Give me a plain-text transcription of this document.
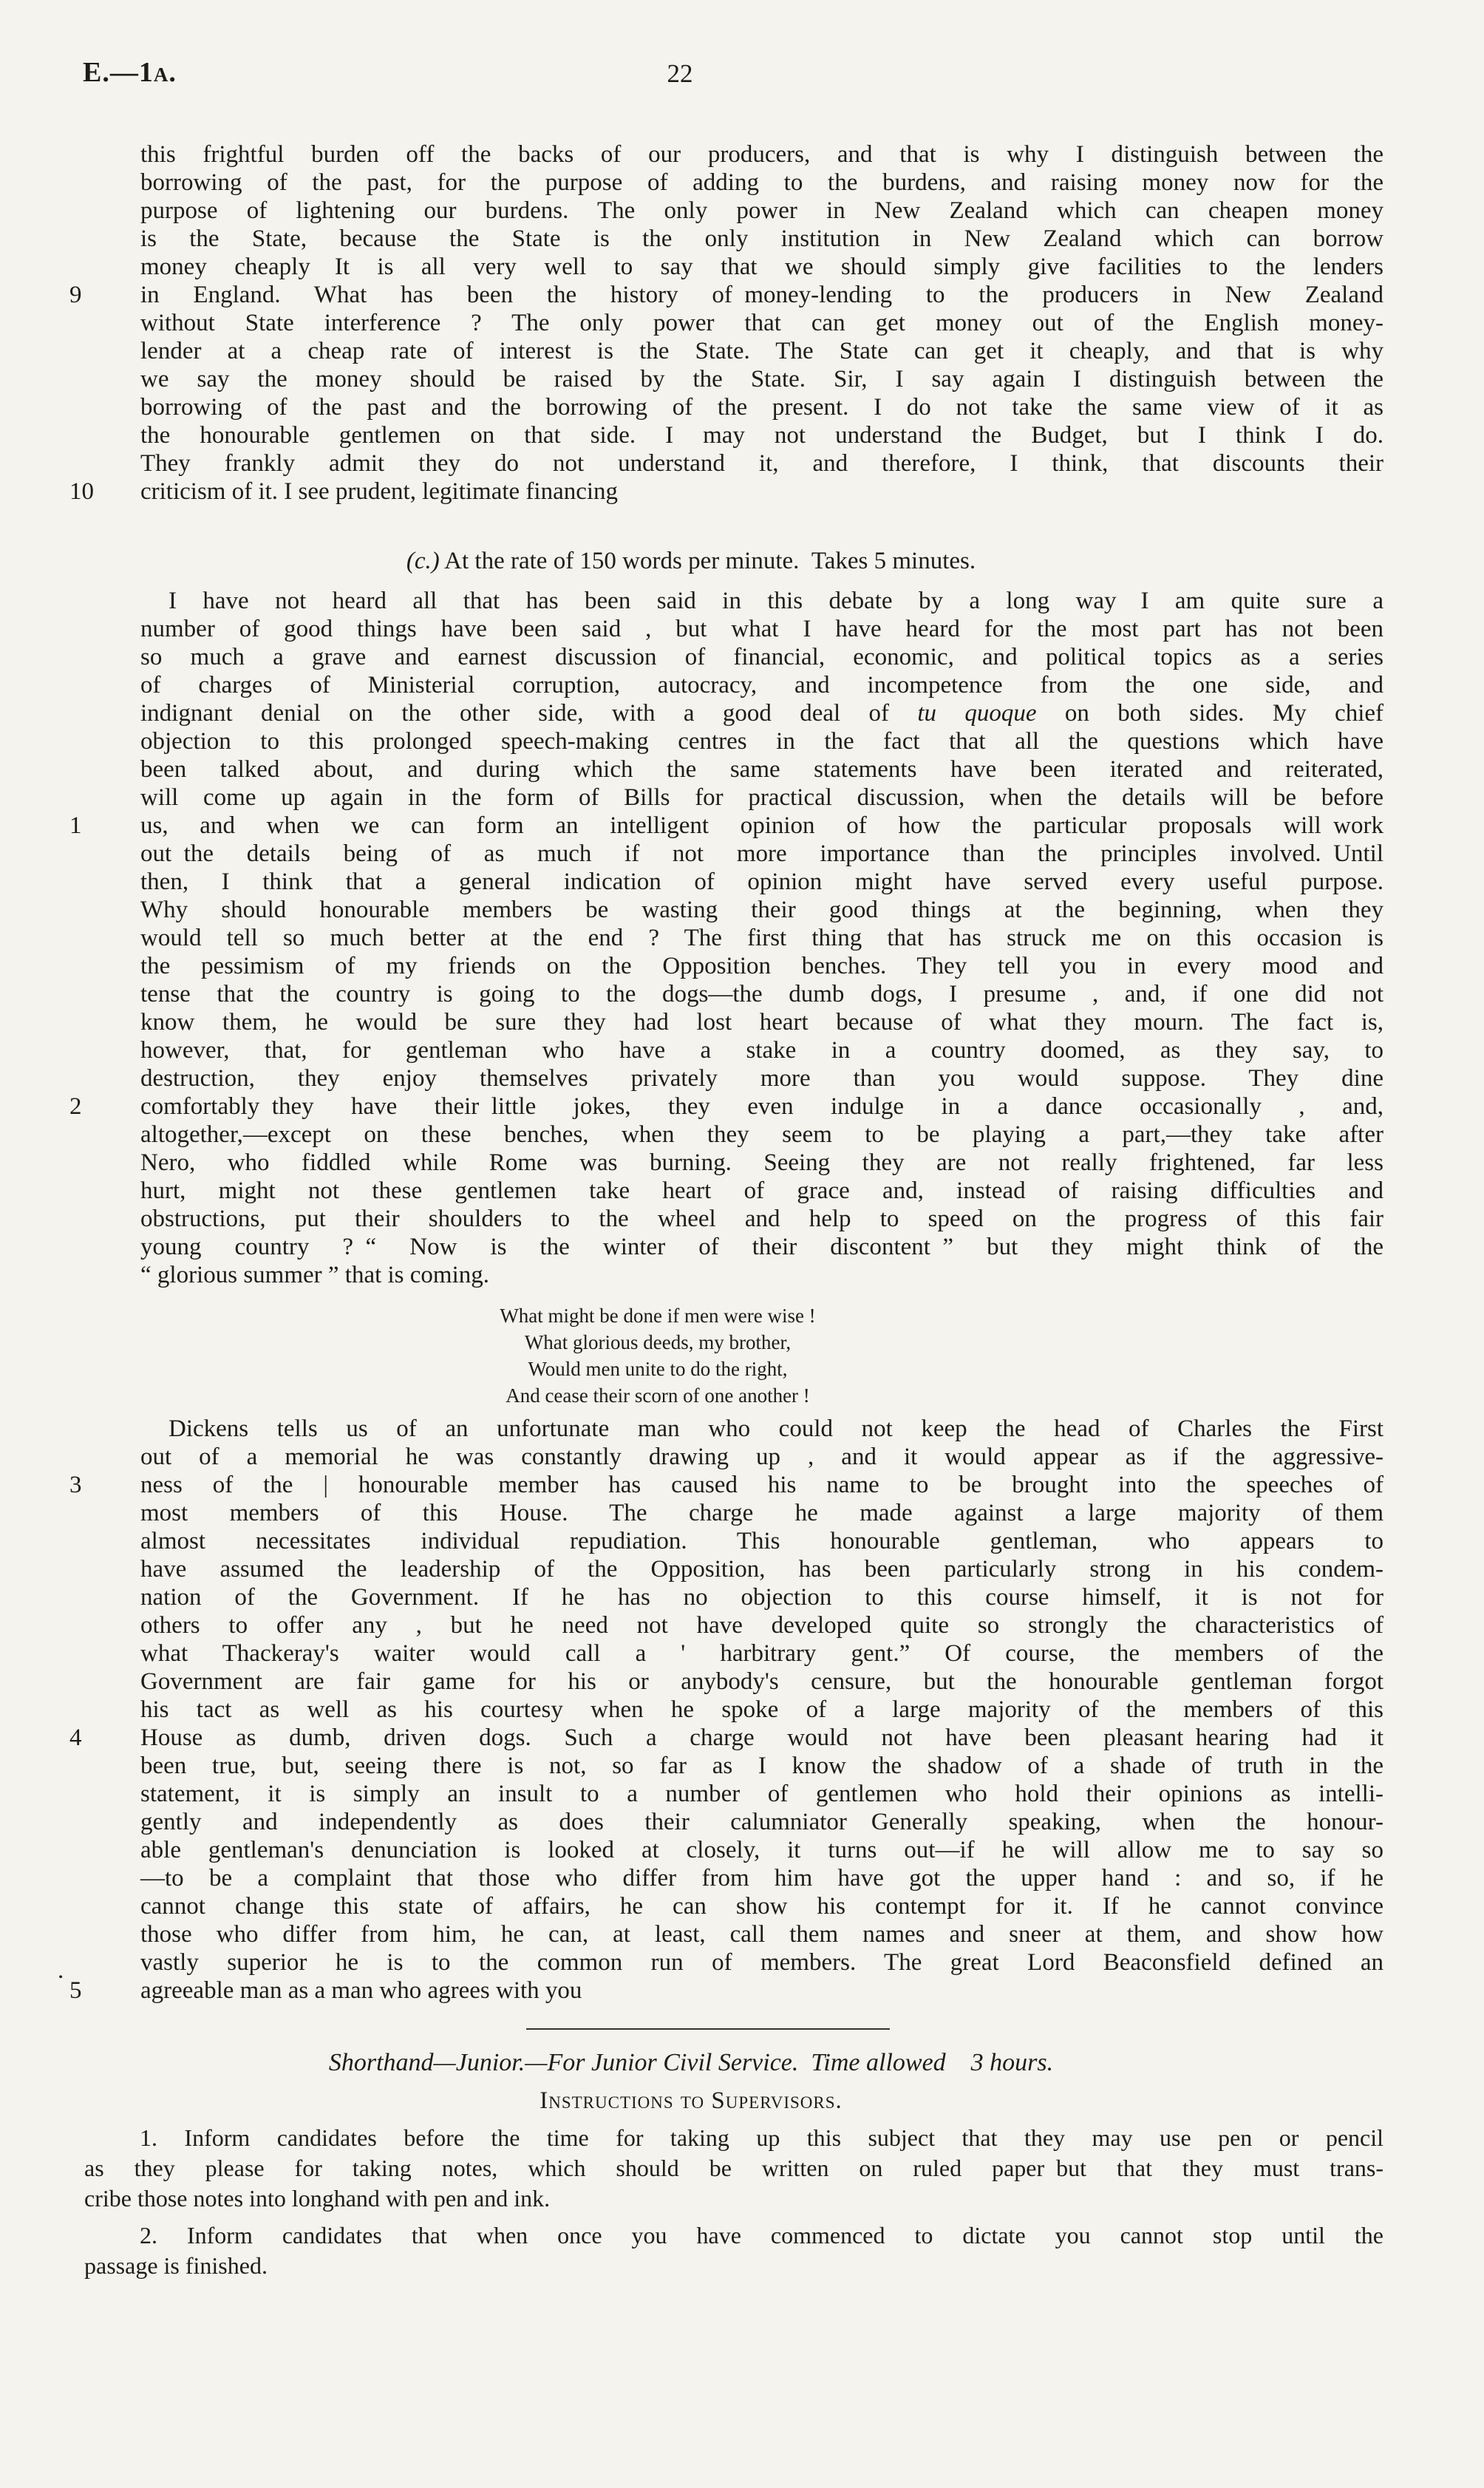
E.—1a.	22
this frightful burden off the backs of our producers, and that is why I distinguish between the
borrowing of the past, for the purpose of adding to the burdens, and raising money now for the
purpose of lightening our burdens. The only power in New Zealand which can cheapen money
is the State, because the State is the only institution in New Zealand which can borrow
money cheaply It is all very well to say that we should simply give facilities to the lenders
9	in England. What has been the history of money-lending to the producers in New Zealand
without State interference ? The only power that can get money out of the English money-
lender at a cheap rate of interest is the State. The State can get it cheaply, and that is why
we say the money should be raised by the State. Sir, I say again I distinguish between the
borrowing of the past and the borrowing of the present. I do not take the same view of it as
the honourable gentlemen on that side. I may not understand the Budget, but I think I do.
They frankly admit they do not understand it, and therefore, I think, that discounts their
10	criticism of it. I see prudent, legitimate financing
(c.) At the rate of 150 words per minute. Takes 5 minutes.
I have not heard all that has been said in this debate by a long way I am quite sure a
number of good things have been said , but what I have heard for the most part has not been
so much a grave and earnest discussion of financial, economic, and political topics as a series
of charges of Ministerial corruption, autocracy, and incompetence from the one side, and
indignant denial on the other side, with a good deal of tu quoque on both sides. My chief
objection to this prolonged speech-making centres in the fact that all the questions which have
been talked about, and during which the same statements have been iterated and reiterated,
will come up again in the form of Bills for practical discussion, when the details will be before
1	us, and when we can form an intelligent opinion of how the particular proposals will work
out the details being of as much if not more importance than the principles involved. Until
then, I think that a general indication of opinion might have served every useful purpose.
Why should honourable members be wasting their good things at the beginning, when they
would tell so much better at the end ? The first thing that has struck me on this occasion is
the pessimism of my friends on the Opposition benches. They tell you in every mood and
tense that the country is going to the dogs—the dumb dogs, I presume , and, if one did not
know them, he would be sure they had lost heart because of what they mourn. The fact is,
however, that, for gentleman who have a stake in a country doomed, as they say, to
destruction, they enjoy themselves privately more than you would suppose. They dine
2	comfortably they have their little jokes, they even indulge in a dance occasionally , and,
altogether,—except on these benches, when they seem to be playing a part,—they take after
Nero, who fiddled while Rome was burning. Seeing they are not really frightened, far less
hurt, might not these gentlemen take heart of grace and, instead of raising difficulties and
obstructions, put their shoulders to the wheel and help to speed on the progress of this fair
young country ? “ Now is the winter of their discontent ” but they might think of the
“ glorious summer ” that is coming.
What might be done if men were wise !
What glorious deeds, my brother,
Would men unite to do the right,
And cease their scorn of one another !
Dickens tells us of an unfortunate man who could not keep the head of Charles the First
out of a memorial he was constantly drawing up , and it would appear as if the aggressive-
3	ness of the | honourable member has caused his name to be brought into the speeches of
most members of this House. The charge he made against a large majority of them
almost necessitates individual repudiation. This honourable gentleman, who appears to
have assumed the leadership of the Opposition, has been particularly strong in his condem-
nation of the Government. If he has no objection to this course himself, it is not for
others to offer any , but he need not have developed quite so strongly the characteristics of
what Thackeray's waiter would call a ' harbitrary gent.” Of course, the members of the
Government are fair game for his or anybody's censure, but the honourable gentleman forgot
his tact as well as his courtesy when he spoke of a large majority of the members of this
4	House as dumb, driven dogs. Such a charge would not have been pleasant hearing had it
been true, but, seeing there is not, so far as I know the shadow of a shade of truth in the
statement, it is simply an insult to a number of gentlemen who hold their opinions as intelli-
gently and independently as does their calumniator Generally speaking, when the honour-
able gentleman's denunciation is looked at closely, it turns out—if he will allow me to say so
—to be a complaint that those who differ from him have got the upper hand : and so, if he
cannot change this state of affairs, he can show his contempt for it. If he cannot convince
those who differ from him, he can, at least, call them names and sneer at them, and show how
vastly superior he is to the common run of members. The great Lord Beaconsfield defined an
5	agreeable man as a man who agrees with you
.
Shorthand—Junior.—For Junior Civil Service. Time allowed 3 hours.
Instructions to Supervisors.
1. Inform candidates before the time for taking up this subject that they may use pen or pencil
as they please for taking notes, which should be written on ruled paper but that they must trans-
cribe those notes into longhand with pen and ink.
2. Inform candidates that when once you have commenced to dictate you cannot stop until the
passage is finished.
